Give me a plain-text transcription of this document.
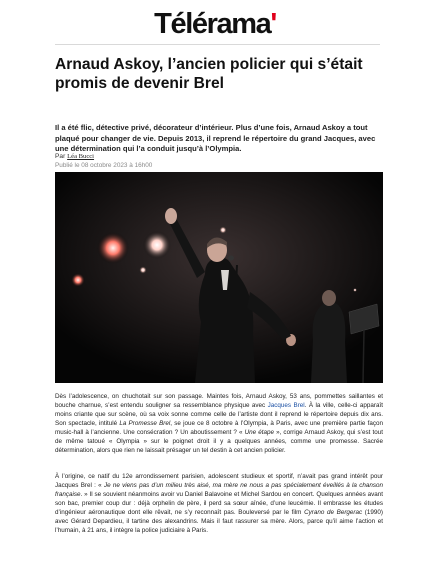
Télérama'
Arnaud Askoy, l’ancien policier qui s’était promis de devenir Brel

Il a été flic, détective privé, décorateur d’intérieur. Plus d’une fois, Arnaud Askoy a tout plaqué pour changer de vie. Depuis 2013, il reprend le répertoire du grand Jacques, avec une détermination qui l’a conduit jusqu’à l’Olympia.

Par Léa Bucci
Publié le 08 octobre 2023 à 16h00

Dès l’adolescence, on chuchotait sur son passage. Maintes fois, Arnaud Askoy, 53 ans, pommettes saillantes et bouche charnue, s’est entendu souligner sa ressemblance physique avec Jacques Brel. À la ville, celle-ci apparaît moins criante que sur scène, où sa voix sonne comme celle de l’artiste dont il reprend le répertoire depuis dix ans. Son spectacle, intitulé La Promesse Brel, se joue ce 8 octobre à l’Olympia, à Paris, avec une première partie façon music-hall à l’ancienne. Une consécration ? Un aboutissement ? « Une étape », corrige Arnaud Askoy, qui s’est tout de même tatoué « Olympia » sur le poignet droit il y a quelques années, comme une promesse. Sacrée détermination, alors que rien ne laissait présager un tel destin à cet ancien policier.

À l’origine, ce natif du 12e arrondissement parisien, adolescent studieux et sportif, n’avait pas grand intérêt pour Jacques Brel : « Je ne viens pas d’un milieu très aisé, ma mère ne nous a pas spécialement éveillés à la chanson française. » Il se souvient néanmoins avoir vu Daniel Balavoine et Michel Sardou en concert. Quelques années avant son bac, premier coup dur : déjà orphelin de père, il perd sa sœur aînée, d’une leucémie. Il embrasse les études d’ingénieur aéronautique dont elle rêvait, ne s’y reconnaît pas. Bouleversé par le film Cyrano de Bergerac (1990) avec Gérard Depardieu, il tartine des alexandrins. Mais il faut rassurer sa mère. Alors, parce qu’il aime l’action et l’humain, à 21 ans, il intègre la police judiciaire à Paris.
